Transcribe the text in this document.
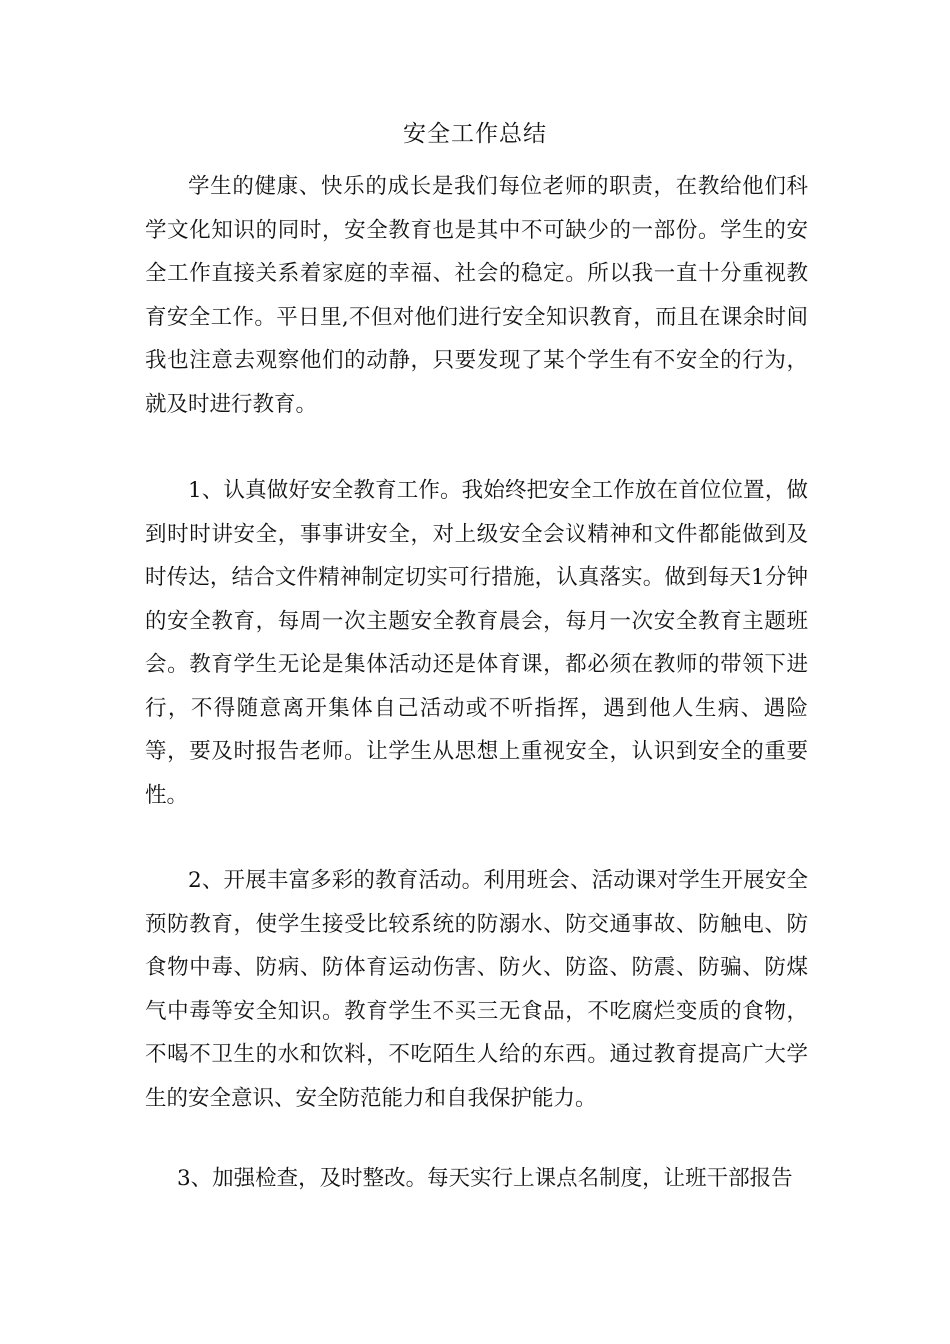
安全工作总结

学生的健康、快乐的成长是我们每位老师的职责，在教给他们科学文化知识的同时，安全教育也是其中不可缺少的一部份。学生的安全工作直接关系着家庭的幸福、社会的稳定。所以我一直十分重视教育安全工作。平日里,不但对他们进行安全知识教育，而且在课余时间我也注意去观察他们的动静，只要发现了某个学生有不安全的行为，就及时进行教育。

1、认真做好安全教育工作。我始终把安全工作放在首位位置，做到时时讲安全，事事讲安全，对上级安全会议精神和文件都能做到及时传达，结合文件精神制定切实可行措施，认真落实。做到每天1分钟的安全教育，每周一次主题安全教育晨会，每月一次安全教育主题班会。教育学生无论是集体活动还是体育课，都必须在教师的带领下进行，不得随意离开集体自己活动或不听指挥，遇到他人生病、遇险等，要及时报告老师。让学生从思想上重视安全，认识到安全的重要性。

2、开展丰富多彩的教育活动。利用班会、活动课对学生开展安全预防教育，使学生接受比较系统的防溺水、防交通事故、防触电、防食物中毒、防病、防体育运动伤害、防火、防盗、防震、防骗、防煤气中毒等安全知识。教育学生不买三无食品，不吃腐烂变质的食物，不喝不卫生的水和饮料，不吃陌生人给的东西。通过教育提高广大学生的安全意识、安全防范能力和自我保护能力。

3、加强检查，及时整改。每天实行上课点名制度，让班干部报告
